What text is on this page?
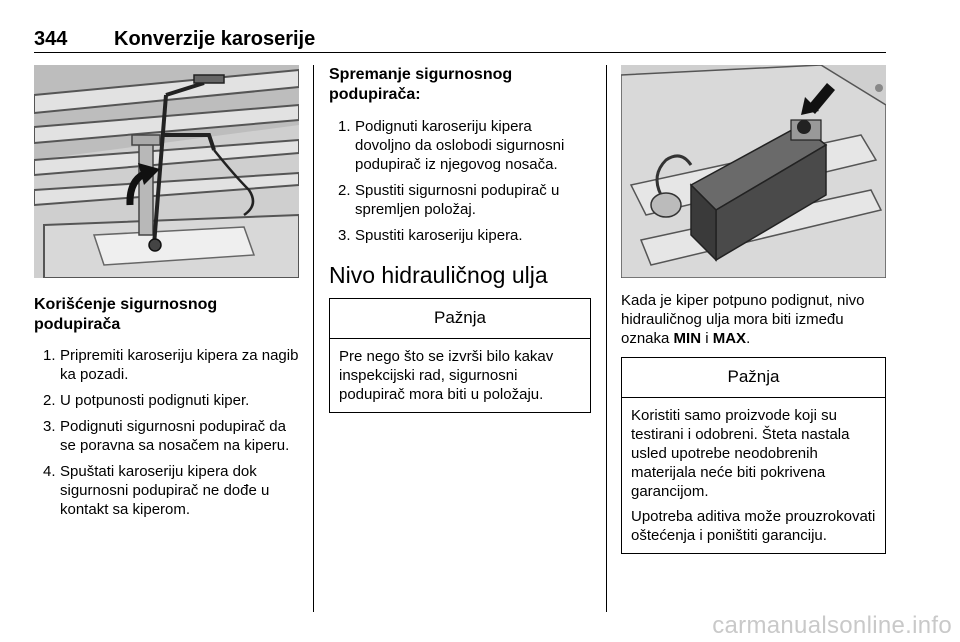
344 Konverzije karoserije
Korišćenje sigurnosnog
podupirača
1. Pripremiti karoseriju kipera za nagib ka pozadi.
2. U potpunosti podignuti kiper.
3. Podignuti sigurnosni podupirač da se poravna sa nosačem na kiperu.
4. Spuštati karoseriju kipera dok sigurnosni podupirač ne dođe u kontakt sa kiperom.
Spremanje sigurnosnog
podupirača:
1. Podignuti karoseriju kipera dovoljno da oslobodi sigurnosni podupirač iz njegovog nosača.
2. Spustiti sigurnosni podupirač u spremljen položaj.
3. Spustiti karoseriju kipera.
Nivo hidrauličnog ulja
Pažnja

Pre nego što se izvrši bilo kakav inspekcijski rad, sigurnosni podupirač mora biti u položaju.

Kada je kiper potpuno podignut, nivo hidrauličnog ulja mora biti između oznaka MIN i MAX.

Pažnja

Koristiti samo proizvode koji su testirani i odobreni. Šteta nastala usled upotrebe neodobrenih materijala neće biti pokrivena garancijom.

Upotreba aditiva može prouzrokovati oštećenja i poništiti garanciju.

carmanualsonline.info
